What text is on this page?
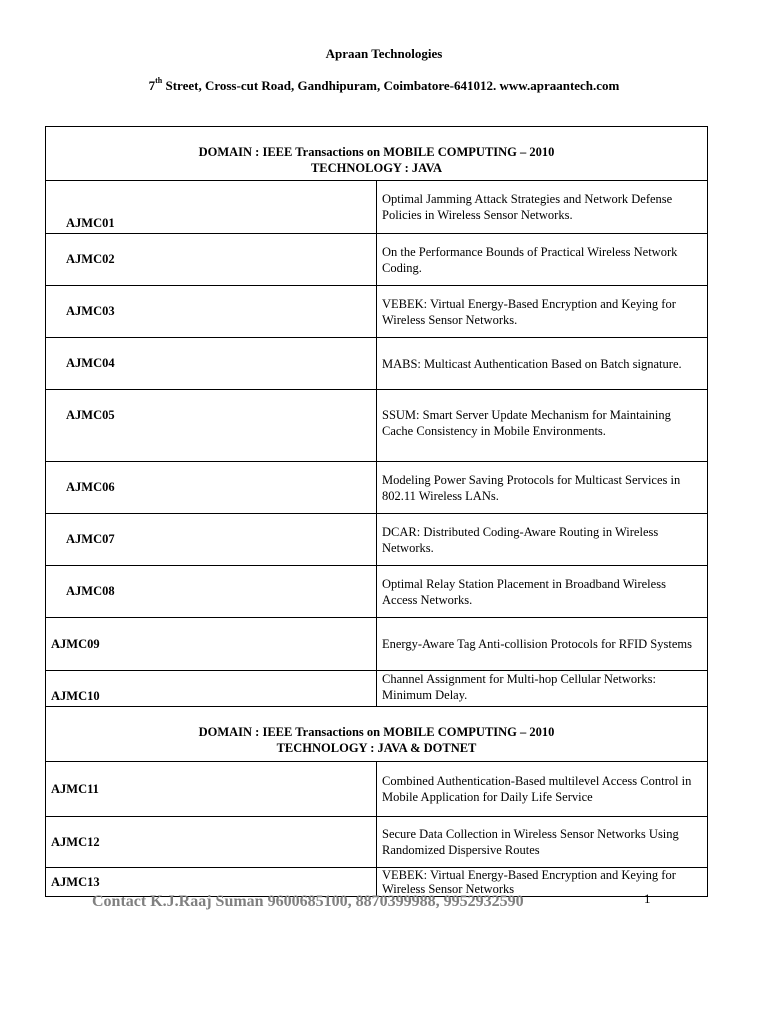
Apraan Technologies
7th Street, Cross-cut Road, Gandhipuram, Coimbatore-641012. www.apraantech.com
DOMAIN : IEEE Transactions on MOBILE COMPUTING – 2010
TECHNOLOGY : JAVA	

AJMC01	Optimal Jamming Attack Strategies and Network Defense Policies in Wireless Sensor Networks.
AJMC02	On the Performance Bounds of Practical Wireless Network Coding.
AJMC03	VEBEK: Virtual Energy-Based Encryption and Keying for Wireless Sensor Networks.
AJMC04	MABS: Multicast Authentication Based on Batch signature.
AJMC05	SSUM: Smart Server Update Mechanism for Maintaining Cache Consistency in Mobile Environments.
AJMC06	Modeling Power Saving Protocols for Multicast Services in 802.11 Wireless LANs.
AJMC07	DCAR: Distributed Coding-Aware Routing in Wireless Networks.
AJMC08	Optimal Relay Station Placement in Broadband Wireless Access Networks.
AJMC09	Energy-Aware Tag Anti-collision Protocols for RFID Systems
AJMC10	Channel Assignment for Multi-hop Cellular Networks: Minimum Delay.

DOMAIN : IEEE Transactions on MOBILE COMPUTING – 2010
TECHNOLOGY : JAVA & DOTNET	

AJMC11	Combined Authentication-Based multilevel Access Control in Mobile Application for Daily Life Service
AJMC12	Secure Data Collection in Wireless Sensor Networks Using Randomized Dispersive Routes
AJMC13	VEBEK: Virtual Energy-Based Encryption and Keying for Wireless Sensor Networks
Contact K.J.Raaj Suman 9600685100, 8870399988, 9952932590	1
